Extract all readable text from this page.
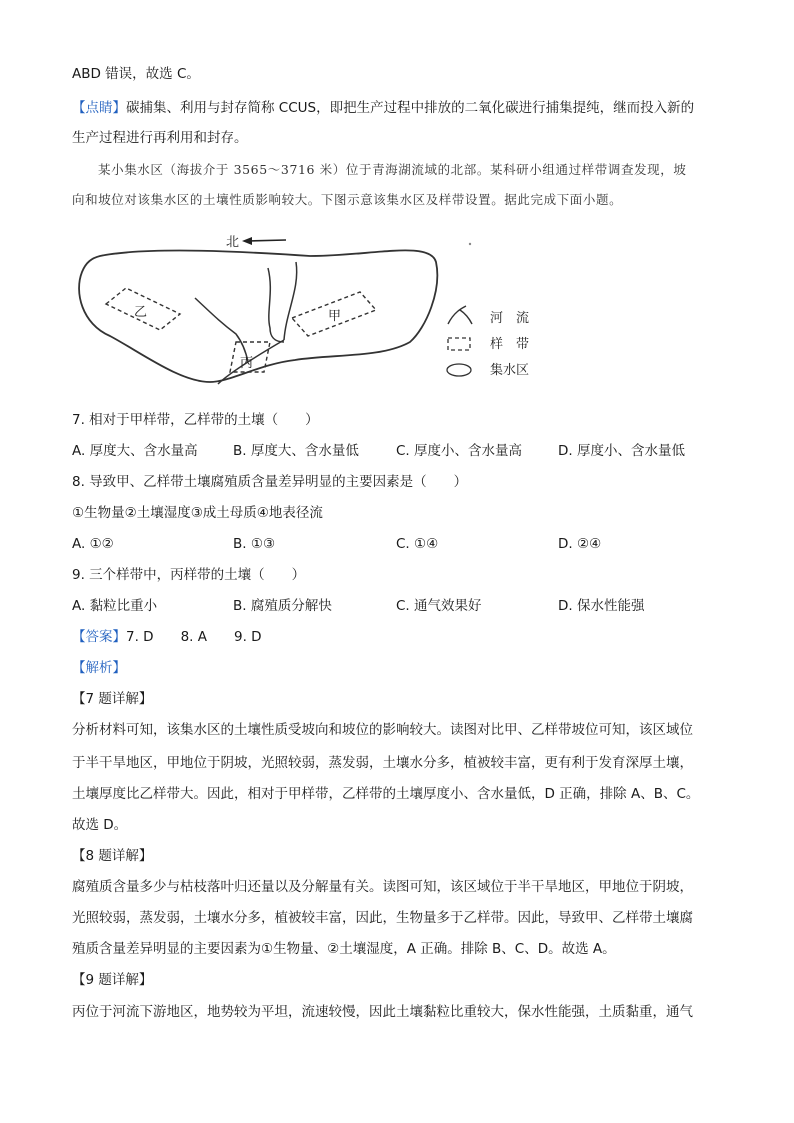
ABD 错误，故选 C。
【点睛】碳捕集、利用与封存简称 CCUS，即把生产过程中排放的二氧化碳进行捕集提纯，继而投入新的
生产过程进行再利用和封存。
某小集水区（海拔介于 3565～3716 米）位于青海湖流域的北部。某科研小组通过样带调查发现，坡
向和坡位对该集水区的土壤性质影响较大。下图示意该集水区及样带设置。据此完成下面小题。
北
乙	甲
丙
河　流
样　带
集水区
7. 相对于甲样带，乙样带的土壤（　　）
A. 厚度大、含水量高	B. 厚度大、含水量低	C. 厚度小、含水量高	D. 厚度小、含水量低
8. 导致甲、乙样带土壤腐殖质含量差异明显的主要因素是（　　）
①生物量②土壤湿度③成土母质④地表径流
A. ①②	B. ①③	C. ①④	D. ②④
9. 三个样带中，丙样带的土壤（　　）
A. 黏粒比重小	B. 腐殖质分解快	C. 通气效果好	D. 保水性能强
【答案】7. D　　8. A　　9. D
【解析】
【7 题详解】
分析材料可知，该集水区的土壤性质受坡向和坡位的影响较大。读图对比甲、乙样带坡位可知，该区域位
于半干旱地区，甲地位于阴坡，光照较弱，蒸发弱，土壤水分多，植被较丰富，更有利于发育深厚土壤，
土壤厚度比乙样带大。因此，相对于甲样带，乙样带的土壤厚度小、含水量低，D 正确，排除 A、B、C。
故选 D。
【8 题详解】
腐殖质含量多少与枯枝落叶归还量以及分解量有关。读图可知，该区域位于半干旱地区，甲地位于阴坡，
光照较弱，蒸发弱，土壤水分多，植被较丰富，因此，生物量多于乙样带。因此，导致甲、乙样带土壤腐
殖质含量差异明显的主要因素为①生物量、②土壤湿度，A 正确。排除 B、C、D。故选 A。
【9 题详解】
丙位于河流下游地区，地势较为平坦，流速较慢，因此土壤黏粒比重较大，保水性能强，土质黏重，通气
